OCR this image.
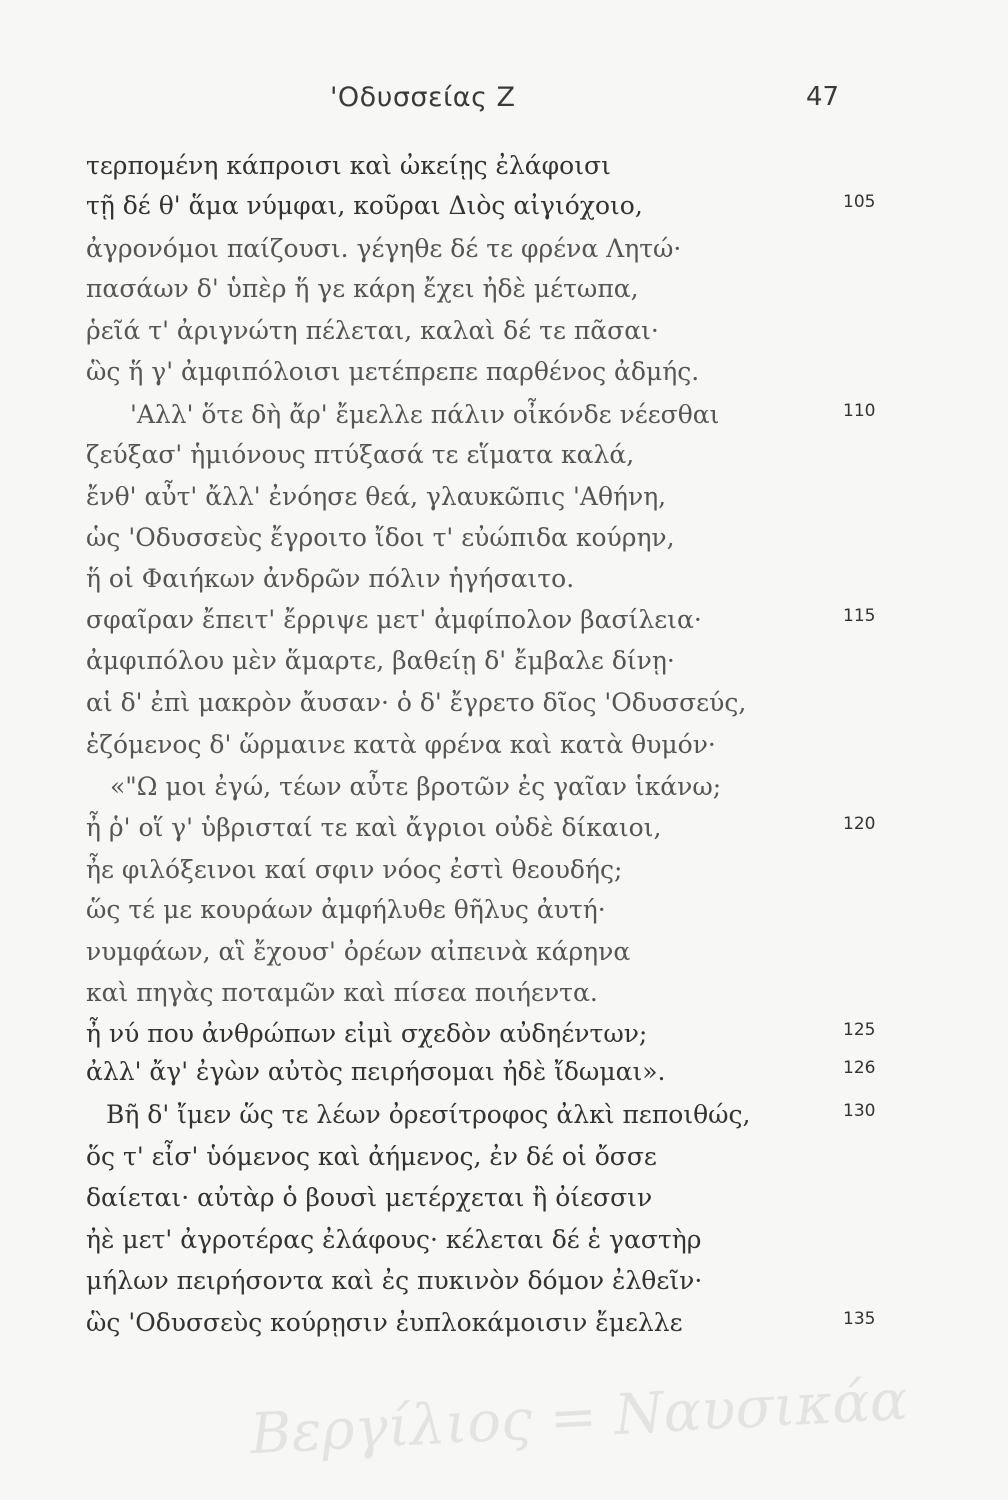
'Οδυσσείας Ζ	47
τερπομένη κάπροισι καὶ ὠκείῃς ἐλάφοισι
τῇ δέ θ' ἅμα νύμφαι, κοῦραι Διὸς αἰγιόχοιο,	105
ἀγρονόμοι παίζουσι. γέγηθε δέ τε φρένα Λητώ·
πασάων δ' ὑπὲρ ἥ γε κάρη ἔχει ἠδὲ μέτωπα,
ῥεῖά τ' ἀριγνώτη πέλεται, καλαὶ δέ τε πᾶσαι·
ὣς ἥ γ' ἀμφιπόλοισι μετέπρεπε παρθένος ἀδμής.
'Αλλ' ὅτε δὴ ἄρ' ἔμελλε πάλιν οἶκόνδε νέεσθαι	110
ζεύξασ' ἡμιόνους πτύξασά τε εἵματα καλά,
ἔνθ' αὖτ' ἄλλ' ἐνόησε θεά, γλαυκῶπις 'Αθήνη,
ὡς 'Οδυσσεὺς ἔγροιτο ἴδοι τ' εὐώπιδα κούρην,
ἥ οἱ Φαιήκων ἀνδρῶν πόλιν ἡγήσαιτο.
σφαῖραν ἔπειτ' ἔρριψε μετ' ἀμφίπολον βασίλεια·	115
ἀμφιπόλου μὲν ἅμαρτε, βαθείῃ δ' ἔμβαλε δίνῃ·
αἱ δ' ἐπὶ μακρὸν ἄυσαν· ὁ δ' ἔγρετο δῖος 'Οδυσσεύς,
ἑζόμενος δ' ὥρμαινε κατὰ φρένα καὶ κατὰ θυμόν·
«"Ω μοι ἐγώ, τέων αὖτε βροτῶν ἐς γαῖαν ἱκάνω;
ἦ ῥ' οἵ γ' ὑβρισταί τε καὶ ἄγριοι οὐδὲ δίκαιοι,	120
ἦε φιλόξεινοι καί σφιν νόος ἐστὶ θεουδής;
ὥς τέ με κουράων ἀμφήλυθε θῆλυς ἀυτή·
νυμφάων, αἳ ἔχουσ' ὀρέων αἰπεινὰ κάρηνα
καὶ πηγὰς ποταμῶν καὶ πίσεα ποιήεντα.
ἦ νύ που ἀνθρώπων εἰμὶ σχεδὸν αὐδηέντων;	125
ἀλλ' ἄγ' ἐγὼν αὐτὸς πειρήσομαι ἠδὲ ἴδωμαι».	126
Βῆ δ' ἴμεν ὥς τε λέων ὀρεσίτροφος ἀλκὶ πεποιθώς,	130
ὅς τ' εἶσ' ὑόμενος καὶ ἀήμενος, ἐν δέ οἱ ὄσσε
δαίεται· αὐτὰρ ὁ βουσὶ μετέρχεται ἢ ὀίεσσιν
ἠὲ μετ' ἀγροτέρας ἐλάφους· κέλεται δέ ἑ γαστὴρ
μήλων πειρήσοντα καὶ ἐς πυκινὸν δόμον ἐλθεῖν·
ὣς 'Οδυσσεὺς κούρῃσιν ἐυπλοκάμοισιν ἔμελλε	135
Βεργίλιος = Ναυσικάα
